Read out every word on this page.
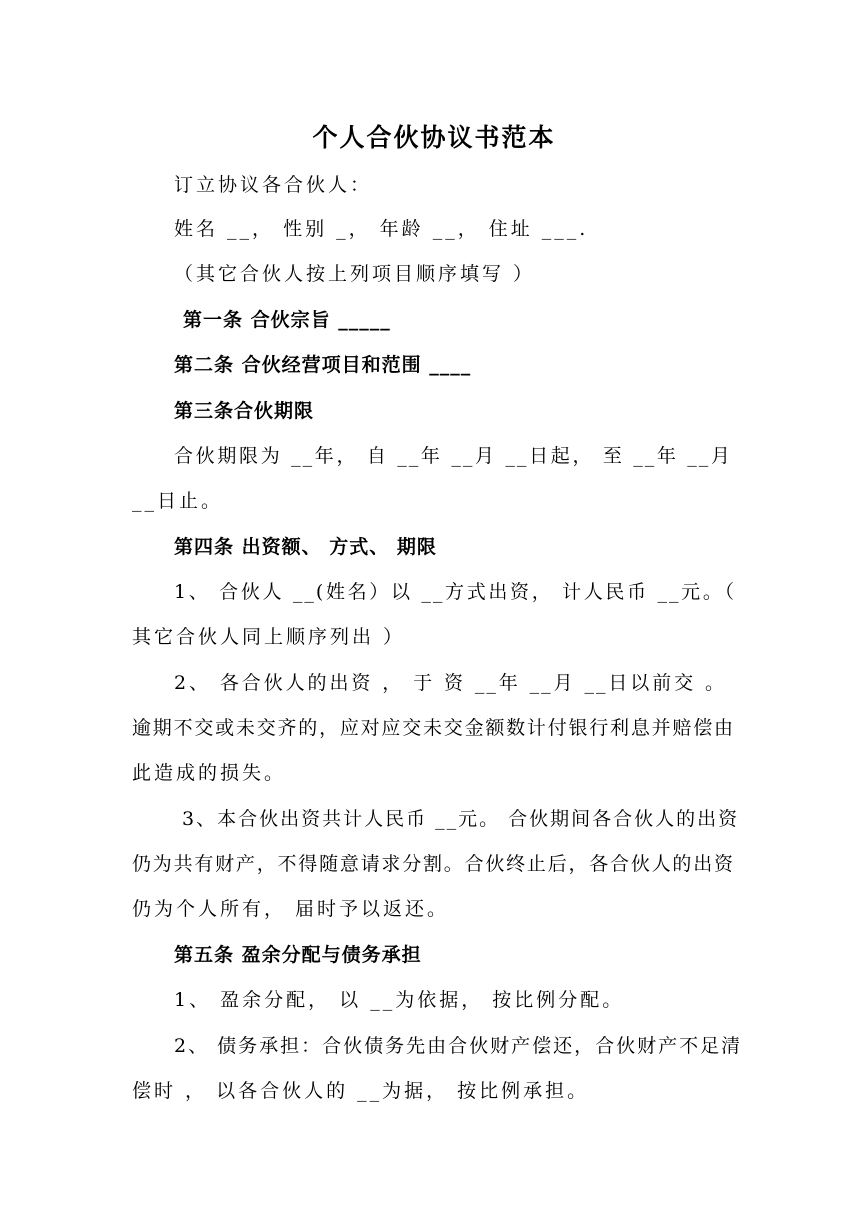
个人合伙协议书范本
订立协议各合伙人：
姓名 __， 性别 _， 年龄 __， 住址 ___.
（其它合伙人按上列项目顺序填写 ）
第一条 合伙宗旨 _____
第二条 合伙经营项目和范围 ____
第三条合伙期限
合伙期限为 __年， 自 __年 __月 __日起， 至 __年 __月
__日止。
第四条 出资额、 方式、 期限
1、 合伙人 __(姓名）以 __方式出资， 计人民币 __元。（
其它合伙人同上顺序列出 ）
2、 各合伙人的出资 ， 于 资 __年 __月 __日以前交 。
逾期不交或未交齐的，应对应交未交金额数计付银行利息并赔偿由
此造成的损失。
3、本合伙出资共计人民币 __元。 合伙期间各合伙人的出资
仍为共有财产，不得随意请求分割。合伙终止后，各合伙人的出资
仍为个人所有， 届时予以返还。
第五条 盈余分配与债务承担
1、 盈余分配， 以 __为依据， 按比例分配。
2、 债务承担：合伙债务先由合伙财产偿还，合伙财产不足清
偿时 ， 以各合伙人的 __为据， 按比例承担。
